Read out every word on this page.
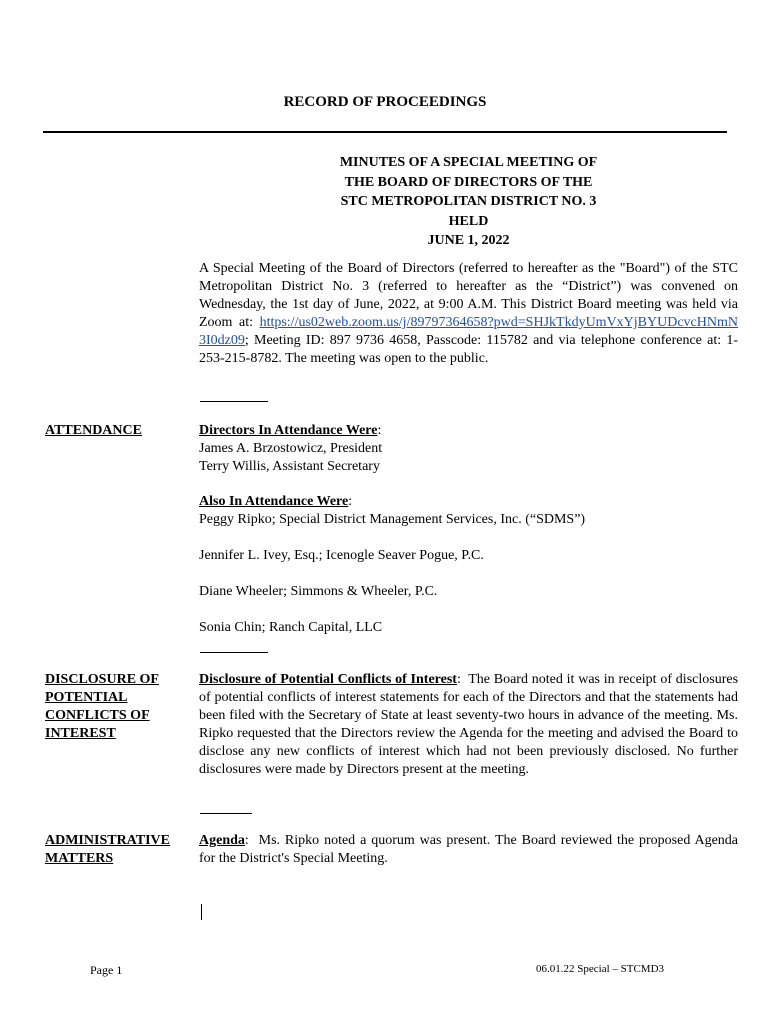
RECORD OF PROCEEDINGS
MINUTES OF A SPECIAL MEETING OF
THE BOARD OF DIRECTORS OF THE
STC METROPOLITAN DISTRICT NO. 3
HELD
JUNE 1, 2022
A Special Meeting of the Board of Directors (referred to hereafter as the "Board") of the STC Metropolitan District No. 3 (referred to hereafter as the “District”) was convened on Wednesday, the 1st day of June, 2022, at 9:00 A.M. This District Board meeting was held via Zoom at: https://us02web.zoom.us/j/89797364658?pwd=SHJkTkdyUmVxYjBYUDcvcHNmN3I0dz09; Meeting ID: 897 9736 4658, Passcode: 115782 and via telephone conference at: 1-253-215-8782. The meeting was open to the public.
ATTENDANCE	Directors In Attendance Were:
James A. Brzostowicz, President
Terry Willis, Assistant Secretary
Also In Attendance Were:
Peggy Ripko; Special District Management Services, Inc. (“SDMS”)
Jennifer L. Ivey, Esq.; Icenogle Seaver Pogue, P.C.
Diane Wheeler; Simmons & Wheeler, P.C.
Sonia Chin; Ranch Capital, LLC
DISCLOSURE OF
POTENTIAL
CONFLICTS OF
INTEREST
Disclosure of Potential Conflicts of Interest:  The Board noted it was in receipt of disclosures of potential conflicts of interest statements for each of the Directors and that the statements had been filed with the Secretary of State at least seventy-two hours in advance of the meeting. Ms. Ripko requested that the Directors review the Agenda for the meeting and advised the Board to disclose any new conflicts of interest which had not been previously disclosed. No further disclosures were made by Directors present at the meeting.
ADMINISTRATIVE
MATTERS
Agenda:  Ms. Ripko noted a quorum was present. The Board reviewed the proposed Agenda for the District's Special Meeting.
Page 1	06.01.22 Special – STCMD3
